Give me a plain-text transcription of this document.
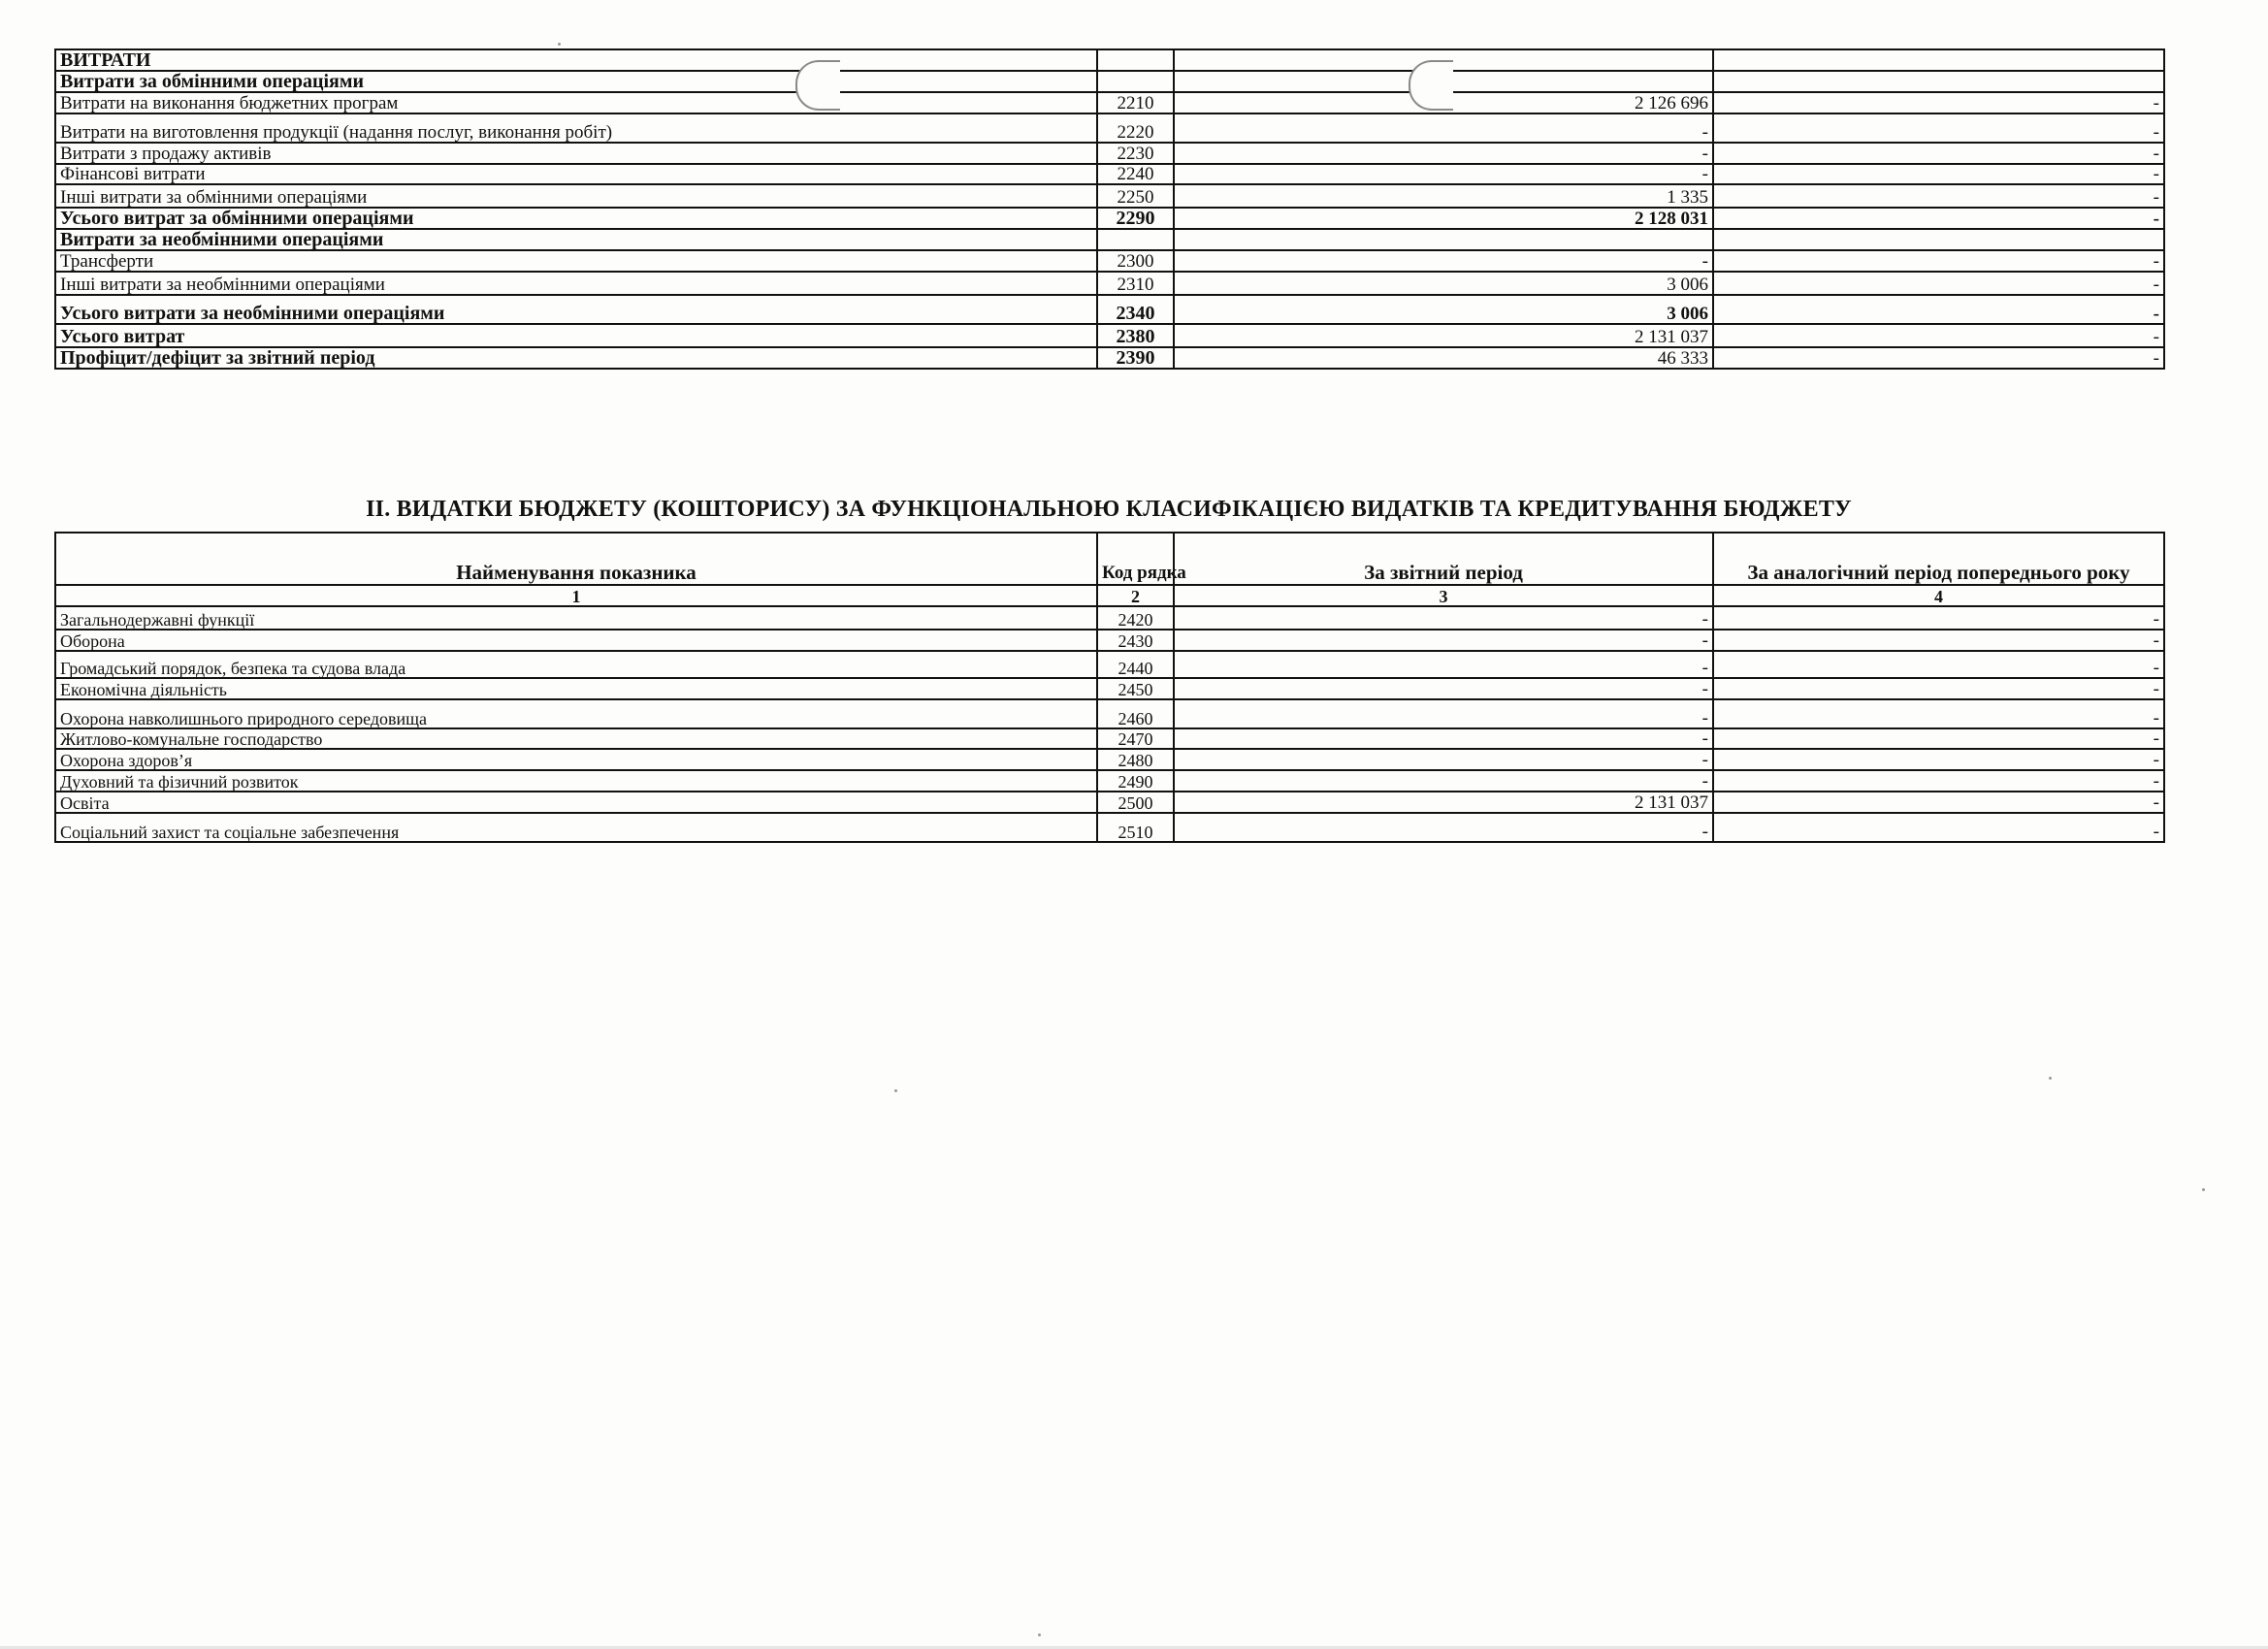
ВИТРАТИ			
Витрати за обмінними операціями			
Витрати на виконання бюджетних програм	2210	2 126 696	-
Витрати на виготовлення продукції (надання послуг, виконання робіт)	2220	-	-
Витрати з продажу активів	2230	-	-
Фінансові витрати	2240	-	-
Інші витрати за обмінними операціями	2250	1 335	-
Усього витрат за обмінними операціями	2290	2 128 031	-
Витрати за необмінними операціями			
Трансферти	2300	-	-
Інші витрати за необмінними операціями	2310	3 006	-
Усього витрати за необмінними операціями	2340	3 006	-
Усього витрат	2380	2 131 037	-
Профіцит/дефіцит за звітний період	2390	46 333	-
ІІ. ВИДАТКИ БЮДЖЕТУ (КОШТОРИСУ) ЗА ФУНКЦІОНАЛЬНОЮ КЛАСИФІКАЦІЄЮ ВИДАТКІВ ТА КРЕДИТУВАННЯ БЮДЖЕТУ
Найменування показника	Код рядка	За звітний період	За аналогічний період попереднього року
1	2	3	4
Загальнодержавні функції	2420	-	-
Оборона	2430	-	-
Громадський порядок, безпека та судова влада	2440	-	-
Економічна діяльність	2450	-	-
Охорона навколишнього природного середовища	2460	-	-
Житлово-комунальне господарство	2470	-	-
Охорона здоров’я	2480	-	-
Духовний та фізичний розвиток	2490	-	-
Освіта	2500	2 131 037	-
Соціальний захист та соціальне забезпечення	2510	-	-
